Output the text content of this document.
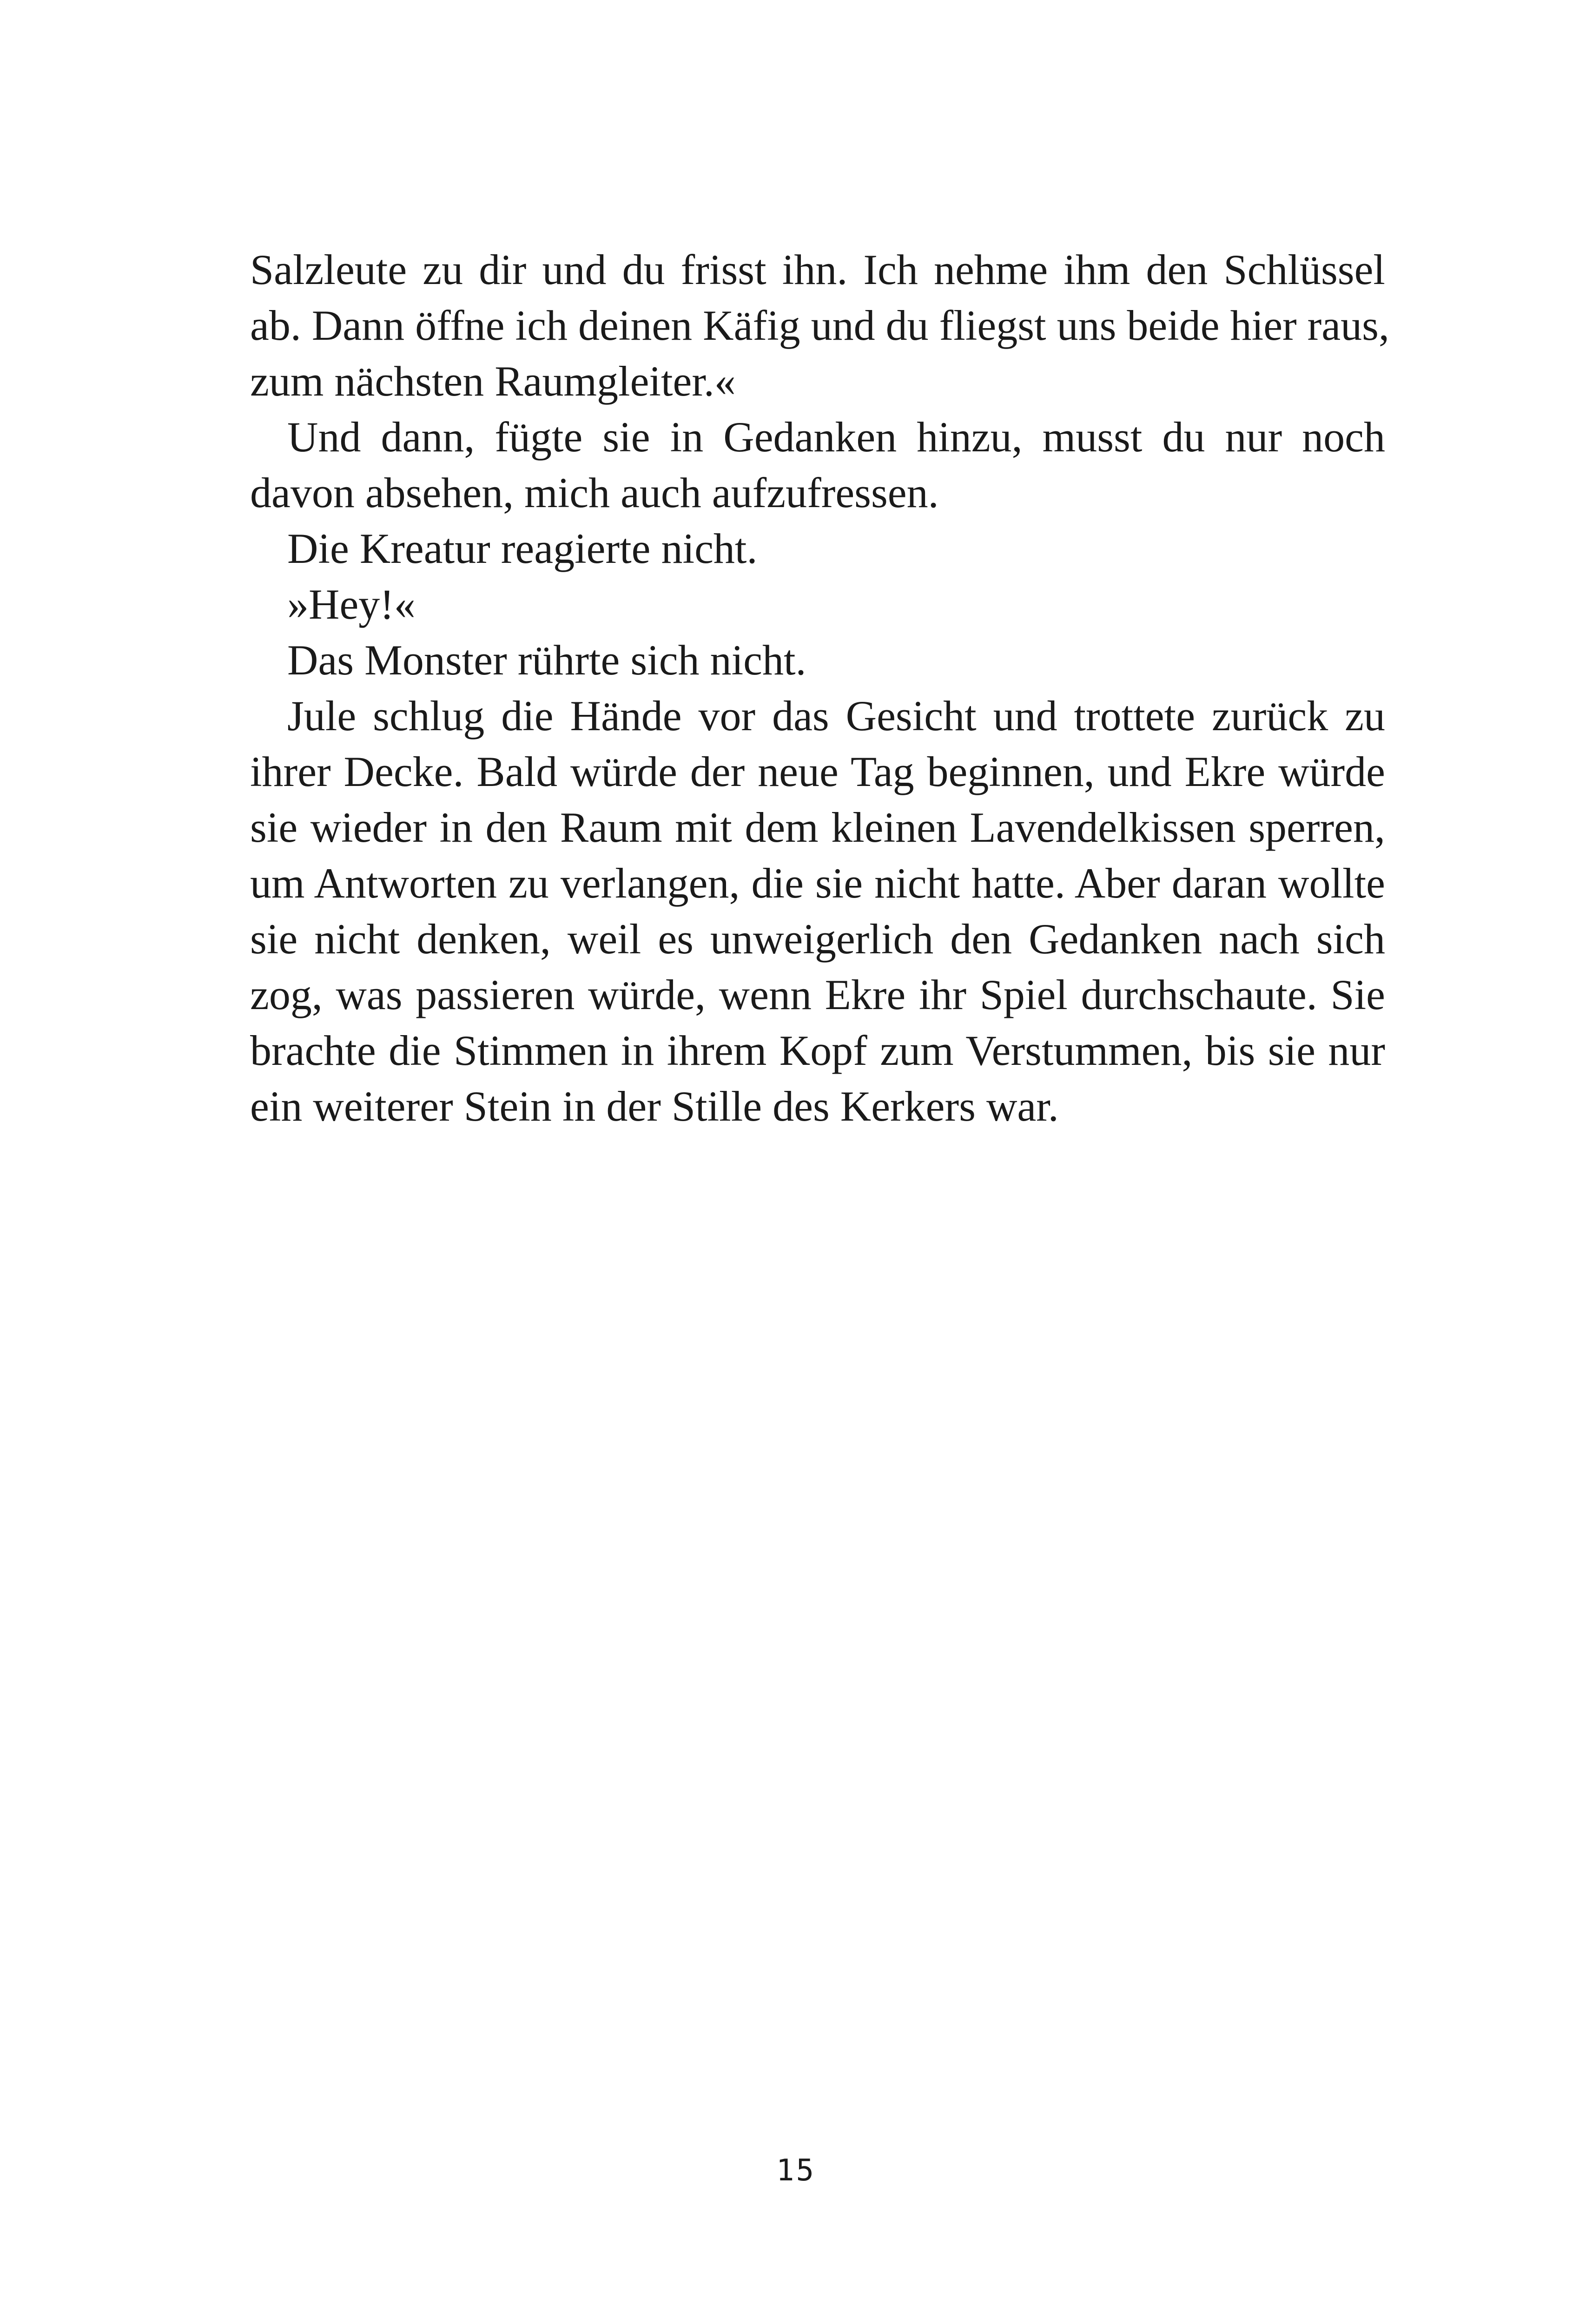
Salzleute zu dir und du frisst ihn. Ich nehme ihm den Schlüssel
ab. Dann öffne ich deinen Käfig und du fliegst uns beide hier raus,
zum nächsten Raumgleiter.«
Und dann, fügte sie in Gedanken hinzu, musst du nur noch
davon absehen, mich auch aufzufressen.
Die Kreatur reagierte nicht.
»Hey!«
Das Monster rührte sich nicht.
Jule schlug die Hände vor das Gesicht und trottete zurück zu
ihrer Decke. Bald würde der neue Tag beginnen, und Ekre würde
sie wieder in den Raum mit dem kleinen Lavendelkissen sperren,
um Antworten zu verlangen, die sie nicht hatte. Aber daran wollte
sie nicht denken, weil es unweigerlich den Gedanken nach sich
zog, was passieren würde, wenn Ekre ihr Spiel durchschaute. Sie
brachte die Stimmen in ihrem Kopf zum Verstummen, bis sie nur
ein weiterer Stein in der Stille des Kerkers war.
15
